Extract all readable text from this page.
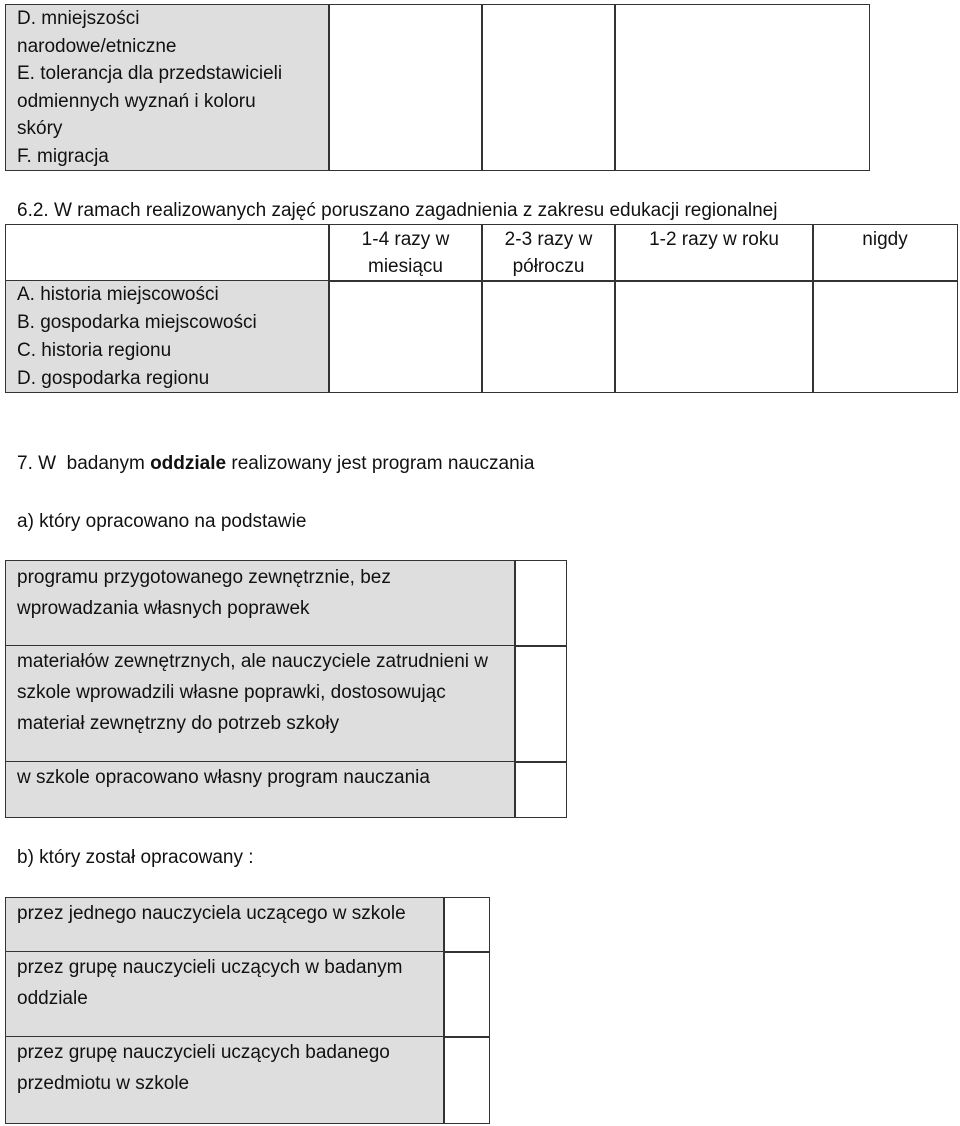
D. mniejszości
narodowe/etniczne
E. tolerancja dla przedstawicieli
odmiennych wyznań i koloru
skóry
F. migracja
6.2. W ramach realizowanych zajęć poruszano zagadnienia z zakresu edukacji regionalnej
1-4 razy w
miesiącu
2-3 razy w
półroczu
1-2 razy w roku	nigdy
A. historia miejscowości
B. gospodarka miejscowości
C. historia regionu
D. gospodarka regionu
7. W  badanym oddziale realizowany jest program nauczania
a) który opracowano na podstawie
programu przygotowanego zewnętrznie, bez wprowadzania własnych poprawek
materiałów zewnętrznych, ale nauczyciele zatrudnieni w szkole wprowadzili własne poprawki, dostosowując materiał zewnętrzny do potrzeb szkoły
w szkole opracowano własny program nauczania
b) który został opracowany :
przez jednego nauczyciela uczącego w szkole
przez grupę nauczycieli uczących w badanym oddziale
przez grupę nauczycieli uczących badanego przedmiotu w szkole
